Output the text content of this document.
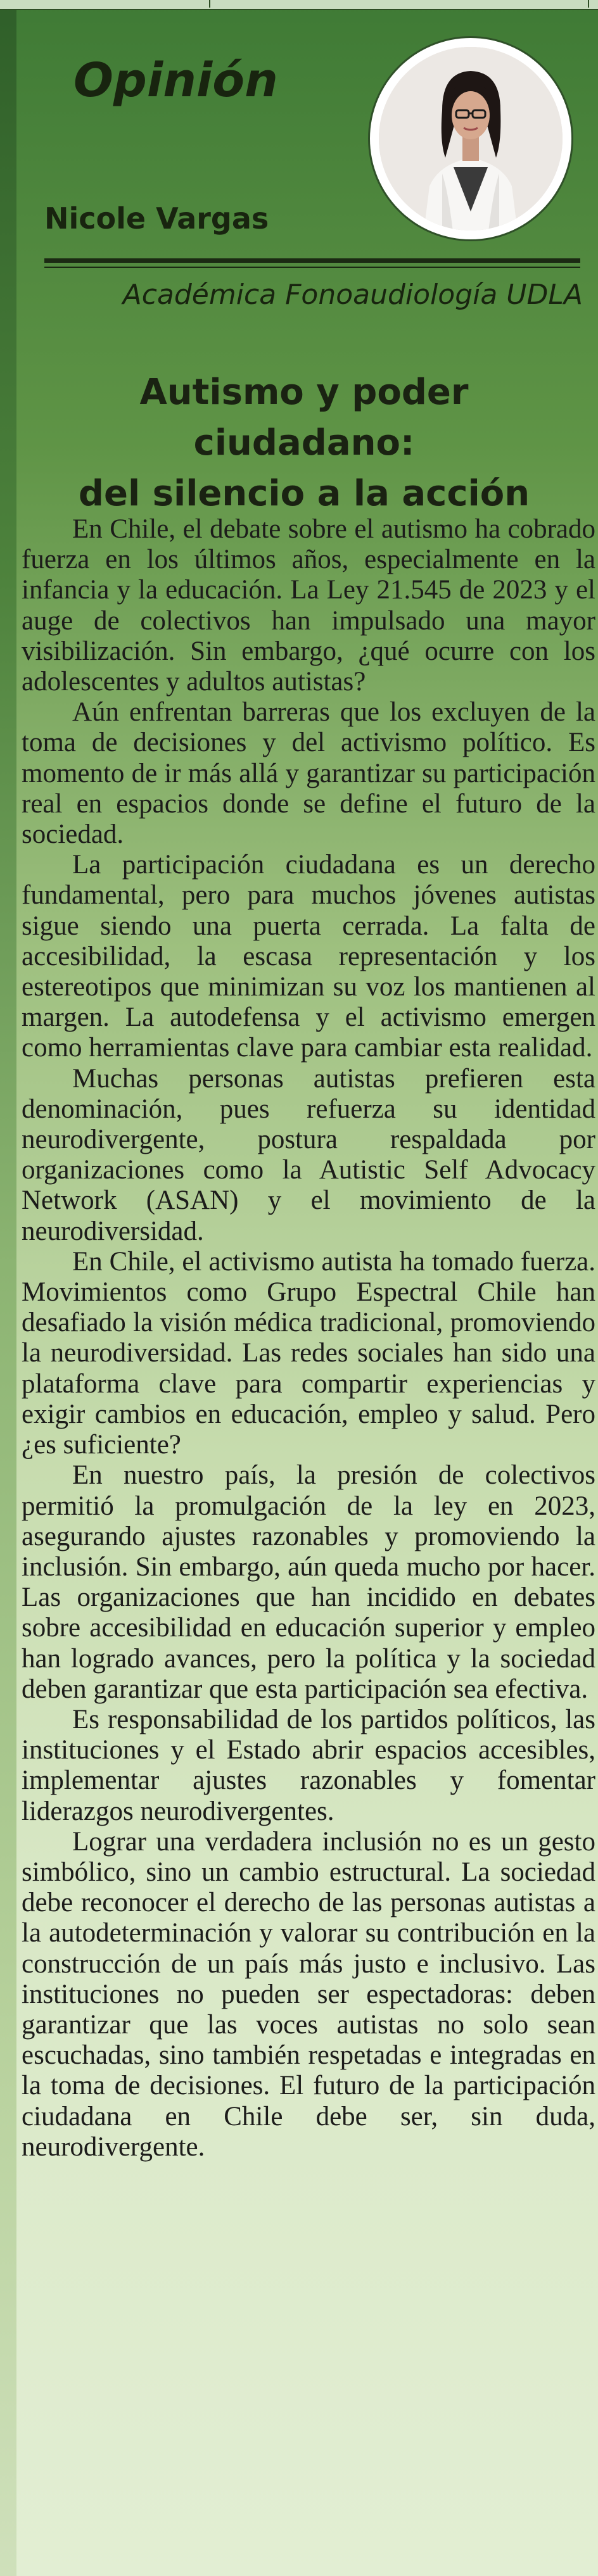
Opinión
Nicole Vargas
Académica Fonoaudiología UDLA
Autismo y poder ciudadano:
del silencio a la acción

En Chile, el debate sobre el autismo ha cobrado fuerza en los últimos años, especialmente en la infancia y la educación. La Ley 21.545 de 2023 y el auge de colectivos han impulsado una mayor visibilización. Sin embargo, ¿qué ocurre con los adolescentes y adultos autistas?

Aún enfrentan barreras que los excluyen de la toma de decisiones y del activismo político. Es momento de ir más allá y garantizar su participación real en espacios donde se define el futuro de la sociedad.

La participación ciudadana es un derecho fundamental, pero para muchos jóvenes autistas sigue siendo una puerta cerrada. La falta de accesibilidad, la escasa representación y los estereotipos que minimizan su voz los mantienen al margen. La autodefensa y el activismo emergen como herramientas clave para cambiar esta realidad.

Muchas personas autistas prefieren esta denominación, pues refuerza su identidad neurodivergente, postura respaldada por organizaciones como la Autistic Self Advocacy Network (ASAN) y el movimiento de la neurodiversidad.

En Chile, el activismo autista ha tomado fuerza. Movimientos como Grupo Espectral Chile han desafiado la visión médica tradicional, promoviendo la neurodiversidad. Las redes sociales han sido una plataforma clave para compartir experiencias y exigir cambios en educación, empleo y salud. Pero ¿es suficiente?

En nuestro país, la presión de colectivos permitió la promulgación de la ley en 2023, asegurando ajustes razonables y promoviendo la inclusión. Sin embargo, aún queda mucho por hacer. Las organizaciones que han incidido en debates sobre accesibilidad en educación superior y empleo han logrado avances, pero la política y la sociedad deben garantizar que esta participación sea efectiva.

Es responsabilidad de los partidos políticos, las instituciones y el Estado abrir espacios accesibles, implementar ajustes razonables y fomentar liderazgos neurodivergentes.

Lograr una verdadera inclusión no es un gesto simbólico, sino un cambio estructural. La sociedad debe reconocer el derecho de las personas autistas a la autodeterminación y valorar su contribución en la construcción de un país más justo e inclusivo. Las instituciones no pueden ser espectadoras: deben garantizar que las voces autistas no solo sean escuchadas, sino también respetadas e integradas en la toma de decisiones. El futuro de la participación ciudadana en Chile debe ser, sin duda, neurodivergente.
